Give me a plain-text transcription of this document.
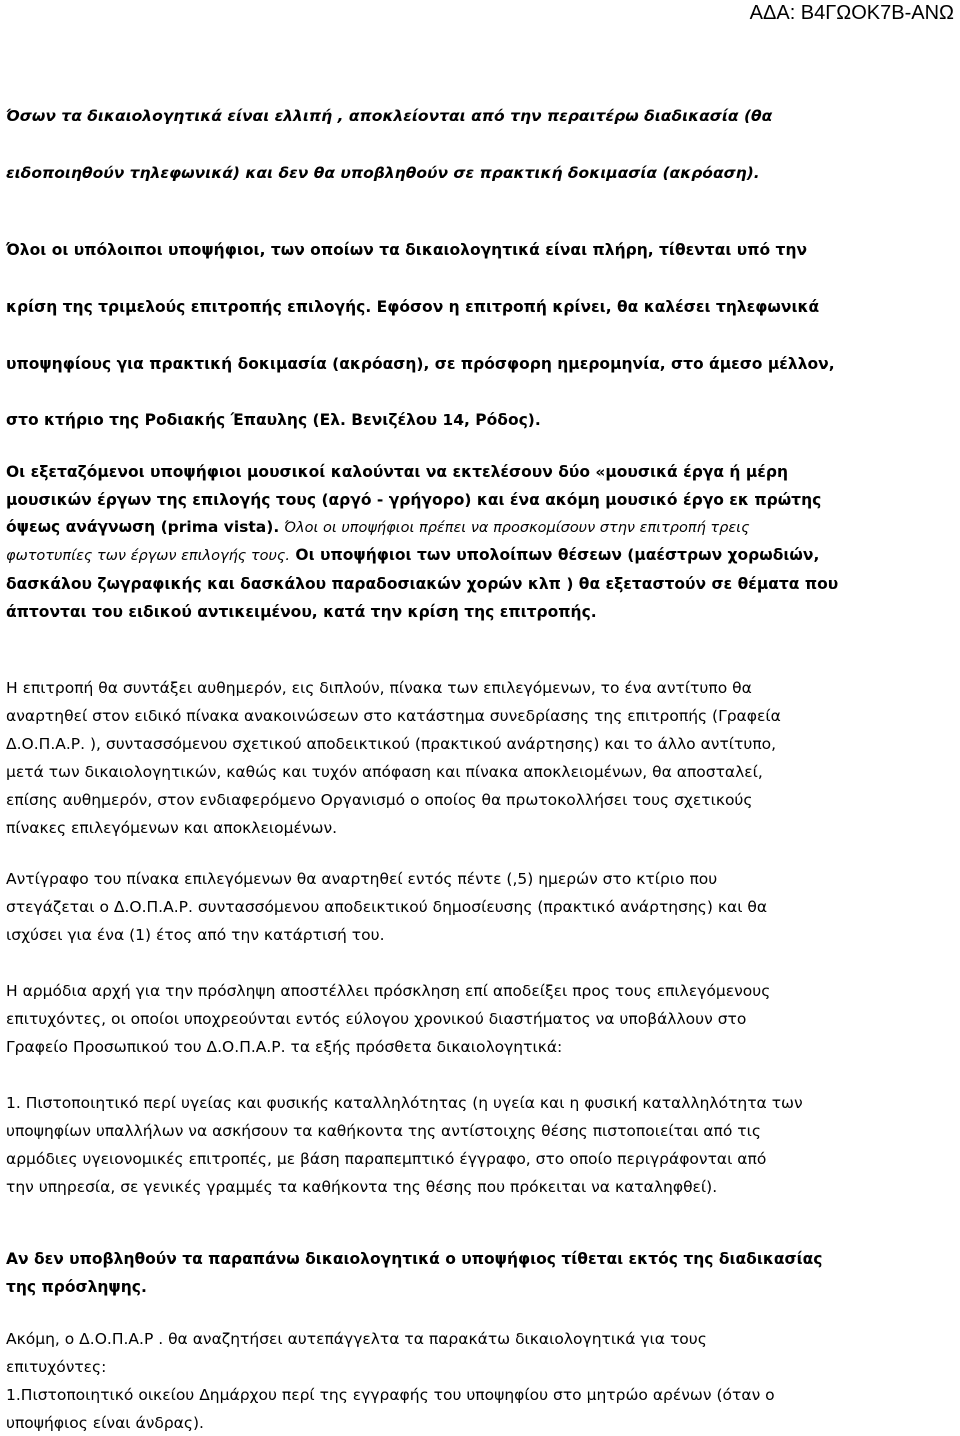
ΑΔΑ: Β4ΓΩΟΚ7Β-ΑΝΩ
Όσων τα δικαιολογητικά είναι ελλιπή , αποκλείονται από την περαιτέρω διαδικασία (θα
ειδοποιηθούν τηλεφωνικά) και δεν θα υποβληθούν σε πρακτική δοκιμασία (ακρόαση).
Όλοι οι υπόλοιποι υποψήφιοι, των οποίων τα δικαιολογητικά είναι πλήρη, τίθενται υπό την
κρίση της τριμελούς επιτροπής επιλογής. Εφόσον η επιτροπή κρίνει, θα καλέσει τηλεφωνικά
υποψηφίους για πρακτική δοκιμασία (ακρόαση), σε πρόσφορη ημερομηνία, στο άμεσο μέλλον,
στο κτήριο της Ροδιακής Έπαυλης (Ελ. Βενιζέλου 14, Ρόδος).
Οι εξεταζόμενοι υποψήφιοι μουσικοί καλούνται να εκτελέσουν δύο «μουσικά έργα ή μέρη
μουσικών έργων της επιλογής τους (αργό - γρήγορο) και ένα ακόμη μουσικό έργο εκ πρώτης
όψεως ανάγνωση (prima vista). Όλοι οι υποψήφιοι πρέπει να προσκομίσουν στην επιτροπή τρεις
φωτοτυπίες των έργων επιλογής τους. Οι υποψήφιοι των υπολοίπων θέσεων (μαέστρων χορωδιών,
δασκάλου ζωγραφικής και δασκάλου παραδοσιακών χορών κλπ ) θα εξεταστούν σε θέματα που
άπτονται του ειδικού αντικειμένου, κατά την κρίση της επιτροπής.
Η επιτροπή θα συντάξει αυθημερόν, εις διπλούν, πίνακα των επιλεγόμενων, το ένα αντίτυπο θα
αναρτηθεί στον ειδικό πίνακα ανακοινώσεων στο κατάστημα συνεδρίασης της επιτροπής (Γραφεία
Δ.Ο.Π.Α.Ρ. ), συντασσόμενου σχετικού αποδεικτικού (πρακτικού ανάρτησης) και το άλλο αντίτυπο,
μετά των δικαιολογητικών, καθώς και τυχόν απόφαση και πίνακα αποκλειομένων, θα αποσταλεί,
επίσης αυθημερόν, στον ενδιαφερόμενο Οργανισμό ο οποίος θα πρωτοκολλήσει τους σχετικούς
πίνακες επιλεγόμενων και αποκλειομένων.
Αντίγραφο του πίνακα επιλεγόμενων θα αναρτηθεί εντός πέντε (,5) ημερών στο κτίριο που
στεγάζεται ο Δ.Ο.Π.Α.Ρ. συντασσόμενου αποδεικτικού δημοσίευσης (πρακτικό ανάρτησης) και θα
ισχύσει για ένα (1) έτος από την κατάρτισή του.
Η αρμόδια αρχή για την πρόσληψη αποστέλλει πρόσκληση επί αποδείξει προς τους επιλεγόμενους
επιτυχόντες, οι οποίοι υποχρεούνται εντός εύλογου χρονικού διαστήματος να υποβάλλουν στο
Γραφείο Προσωπικού του Δ.Ο.Π.Α.Ρ. τα εξής πρόσθετα δικαιολογητικά:
1. Πιστοποιητικό περί υγείας και φυσικής καταλληλότητας (η υγεία και η φυσική καταλληλότητα των
υποψηφίων υπαλλήλων να ασκήσουν τα καθήκοντα της αντίστοιχης θέσης πιστοποιείται από τις
αρμόδιες υγειονομικές επιτροπές, με βάση παραπεμπτικό έγγραφο, στο οποίο περιγράφονται από
την υπηρεσία, σε γενικές γραμμές τα καθήκοντα της θέσης που πρόκειται να καταληφθεί).
Αν δεν υποβληθούν τα παραπάνω δικαιολογητικά ο υποψήφιος τίθεται εκτός της διαδικασίας
της πρόσληψης.
Ακόμη, ο Δ.Ο.Π.Α.Ρ . θα αναζητήσει αυτεπάγγελτα τα παρακάτω δικαιολογητικά για τους
επιτυχόντες:
1.Πιστοποιητικό οικείου Δημάρχου περί της εγγραφής του υποψηφίου στο μητρώο αρένων (όταν ο
υποψήφιος είναι άνδρας).
